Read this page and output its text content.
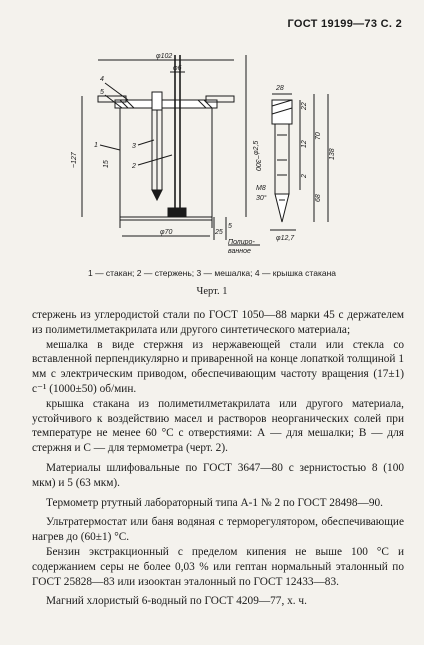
ГОСТ 19199—73 С. 2
φ102
φ6
~127	~300
φ70	25
5
15
4
5
1
2
3
Полиро-
ванное
28
22
12
70
138
2
68
φ2,5
M8
30°
φ12,7
1 — стакан; 2 — стержень; 3 — мешалка; 4 — крышка стакана
Черт. 1

стержень из углеродистой стали по ГОСТ 1050—88 марки 45 с держателем из полиметилметакрилата или другого синтетического материала;

мешалка в виде стержня из нержавеющей стали или стекла со вставленной перпендикулярно и приваренной на конце лопаткой толщиной 1 мм с электрическим приводом, обеспечивающим частоту вращения (17±1) с⁻¹ (1000±50) об/мин.

крышка стакана из полиметилметакрилата или другого материала, устойчивого к воздействию масел и растворов неорганических солей при температуре не менее 60 °C с отверстиями: А — для мешалки; В — для стержня и С — для термометра (черт. 2).

Материалы шлифовальные по ГОСТ 3647—80 с зернистостью 8 (100 мкм) и 5 (63 мкм).

Термометр ртутный лабораторный типа А-1 № 2 по ГОСТ 28498—90.

Ультратермостат или баня водяная с терморегулятором, обеспечивающие нагрев до (60±1) °C.

Бензин экстракционный с пределом кипения не выше 100 °C и содержанием серы не более 0,03 % или гептан нормальный эталонный по ГОСТ 25828—83 или изооктан эталонный по ГОСТ 12433—83.

Магний хлористый 6-водный по ГОСТ 4209—77, х. ч.
